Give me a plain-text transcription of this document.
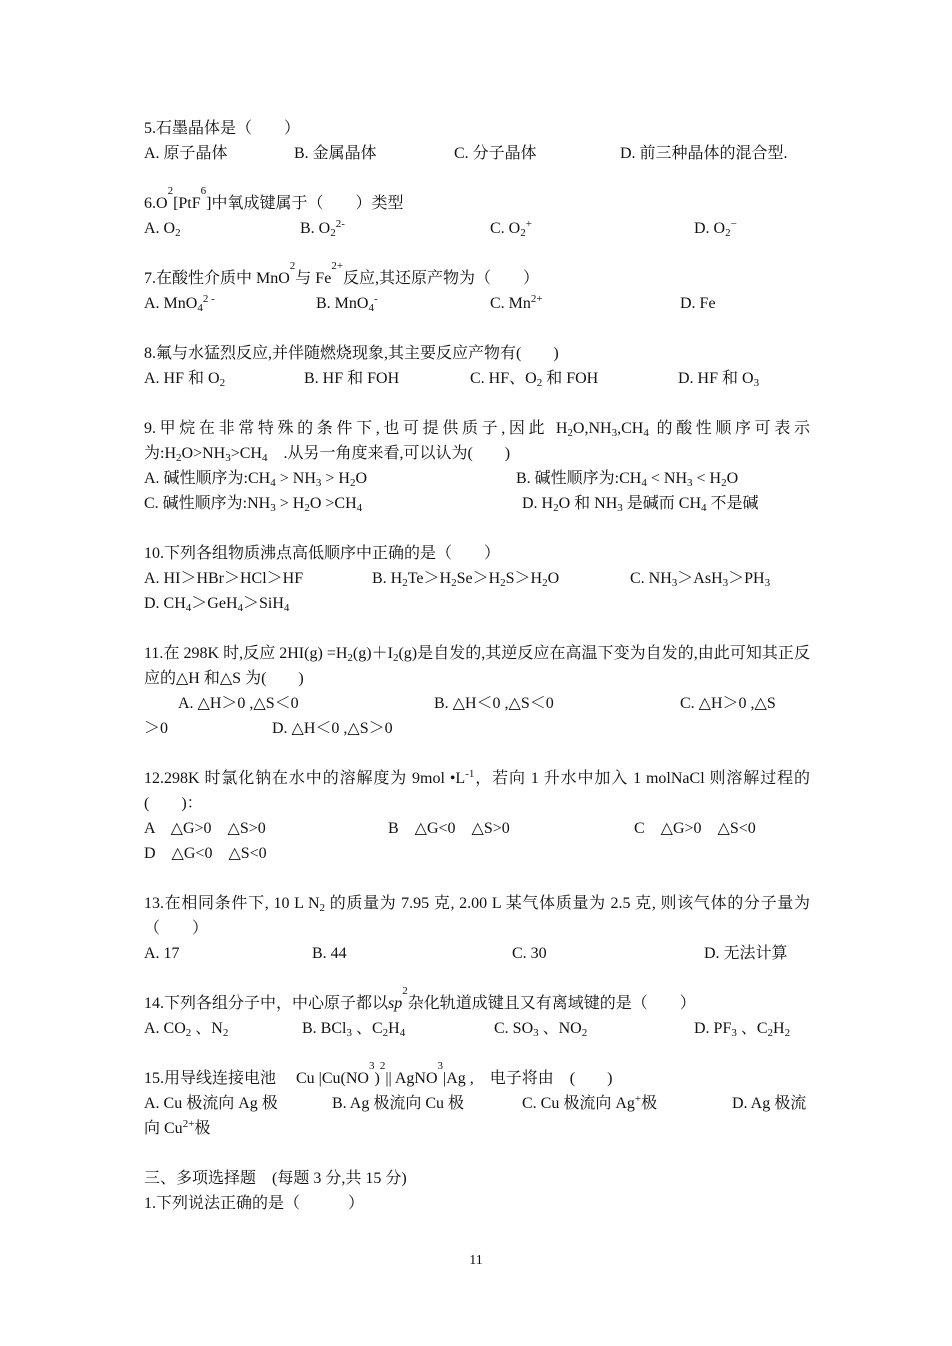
5.石墨晶体是（　　）
A. 原子晶体	B. 金属晶体	C. 分子晶体	D. 前三种晶体的混合型.
6.O
2
[PtF
6
]中氧成键属于（　　）类型
A. $O_2$	B. $O_2^{2-}$	C. $O_2^+$	D. $O_2^-$
7.在酸性介质中 MnO
2
与 Fe
2+
反应,其还原产物为（　　）
A. MnO$_4^{2 -}$	B. MnO$_4$-	C. $Mn^{2+}$	D. Fe
8.氟与水猛烈反应,并伴随燃烧现象,其主要反应产物有(　　)
A. HF 和 $O_2$	B. HF 和 FOH	C. HF、$O_2$ 和 FOH	D. HF 和 $O_3$
9.甲烷在非常特殊的条件下,也可提供质子,因此 $H_2O,NH_3,CH_4$ 的酸性顺序可表示为$:H_2O>NH_3>CH_4$　.从另一角度来看,可以认为(　　)
A. 碱性顺序为$:CH_4 > NH_3 > H_2O$	B. 碱性顺序为$:CH_4 < NH_3 < H_2O$
C. 碱性顺序为$:NH_3 > H_2O >CH_4$	D. $H_2O$ 和 $NH_3$ 是碱而 $CH_4$ 不是碱
10.下列各组物质沸点高低顺序中正确的是（　　）
A. HI＞HBr＞HCl＞HF	B. $H_2Te>H_2Se>H_2S>H_2O$	C. $NH_3>AsH_3>PH_3$
D. $CH_4>GeH_4>SiH_4$
11.在 298K 时,反应 $2HI(g) =H_2(g)+I_2(g)$是自发的,其逆反应在高温下变为自发的,由此可知其正反应的△H 和△S 为(　　)
A. △H＞0 ,△S＜0	B. △H＜0 ,△S＜0	C. △H＞0 ,△S
＞0	D. △H＜0 ,△S＞0
12.298K 时氯化钠在水中的溶解度为 9mol $•L^{-1}$，若向 1 升水中加入 1 molNaCl 则溶解过程的(　　)：
A    △G>0    △S>0	B    △G<0    △S>0	C    △G>0    △S<0
D    △G<0    △S<0
13.在相同条件下, 10 L $N_2$ 的质量为 7.95 克, 2.00 L 某气体质量为 2.5 克, 则该气体的分子量为（　　）
A. 17	B. 44	C. 30	D. 无法计算
14.下列各组分子中，中心原子都以 sp
2
杂化轨道成键且又有离域键的是（　　）
A. $CO_2$ 、$N_2$	B. BCl$_3$ 、$C_2H_4$	C. $SO_3$ 、$NO_2$	D. $PF_3$ 、$C_2H_2$
15.用导线连接电池　 Cu |Cu(NO
3
)
2
|| AgNO
3
|Ag ,　电子将由　(　　)
A. Cu 极流向 Ag 极	B. Ag 极流向 Cu 极	C. Cu 极流向 Ag+极	D. Ag 极流
向 $Cu^{2+}$极
三、多项选择题　(每题 3 分,共 15 分)
1.下列说法正确的是（　　　）
11
